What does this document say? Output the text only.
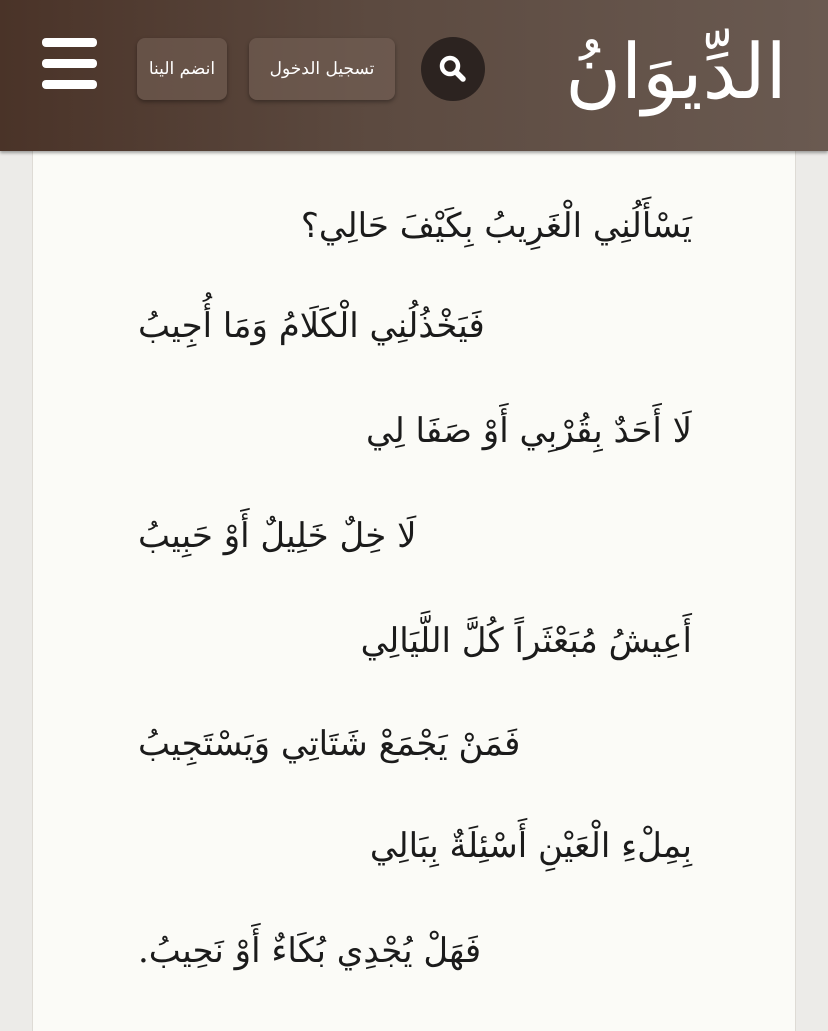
انضم الينا	تسجيل الدخول	الدِّيوَانُ
يَسْأَلُنِي الْغَرِيبُ بِكَيْفَ حَالِي؟
فَيَخْذُلُنِي الْكَلَامُ وَمَا أُجِيبُ
لَا أَحَدٌ بِقُرْبِي أَوْ صَفَا لِي
لَا خِلٌ خَلِيلٌ أَوْ حَبِيبُ
أَعِيشُ مُبَعْثَراً كُلَّ اللَّيَالِي
فَمَنْ يَجْمَعْ شَتَاتِي وَيَسْتَجِيبُ
بِمِلْءِ الْعَيْنِ أَسْئِلَةٌ بِبَالِي
فَهَلْ يُجْدِي بُكَاءٌ أَوْ نَحِيبُ.
